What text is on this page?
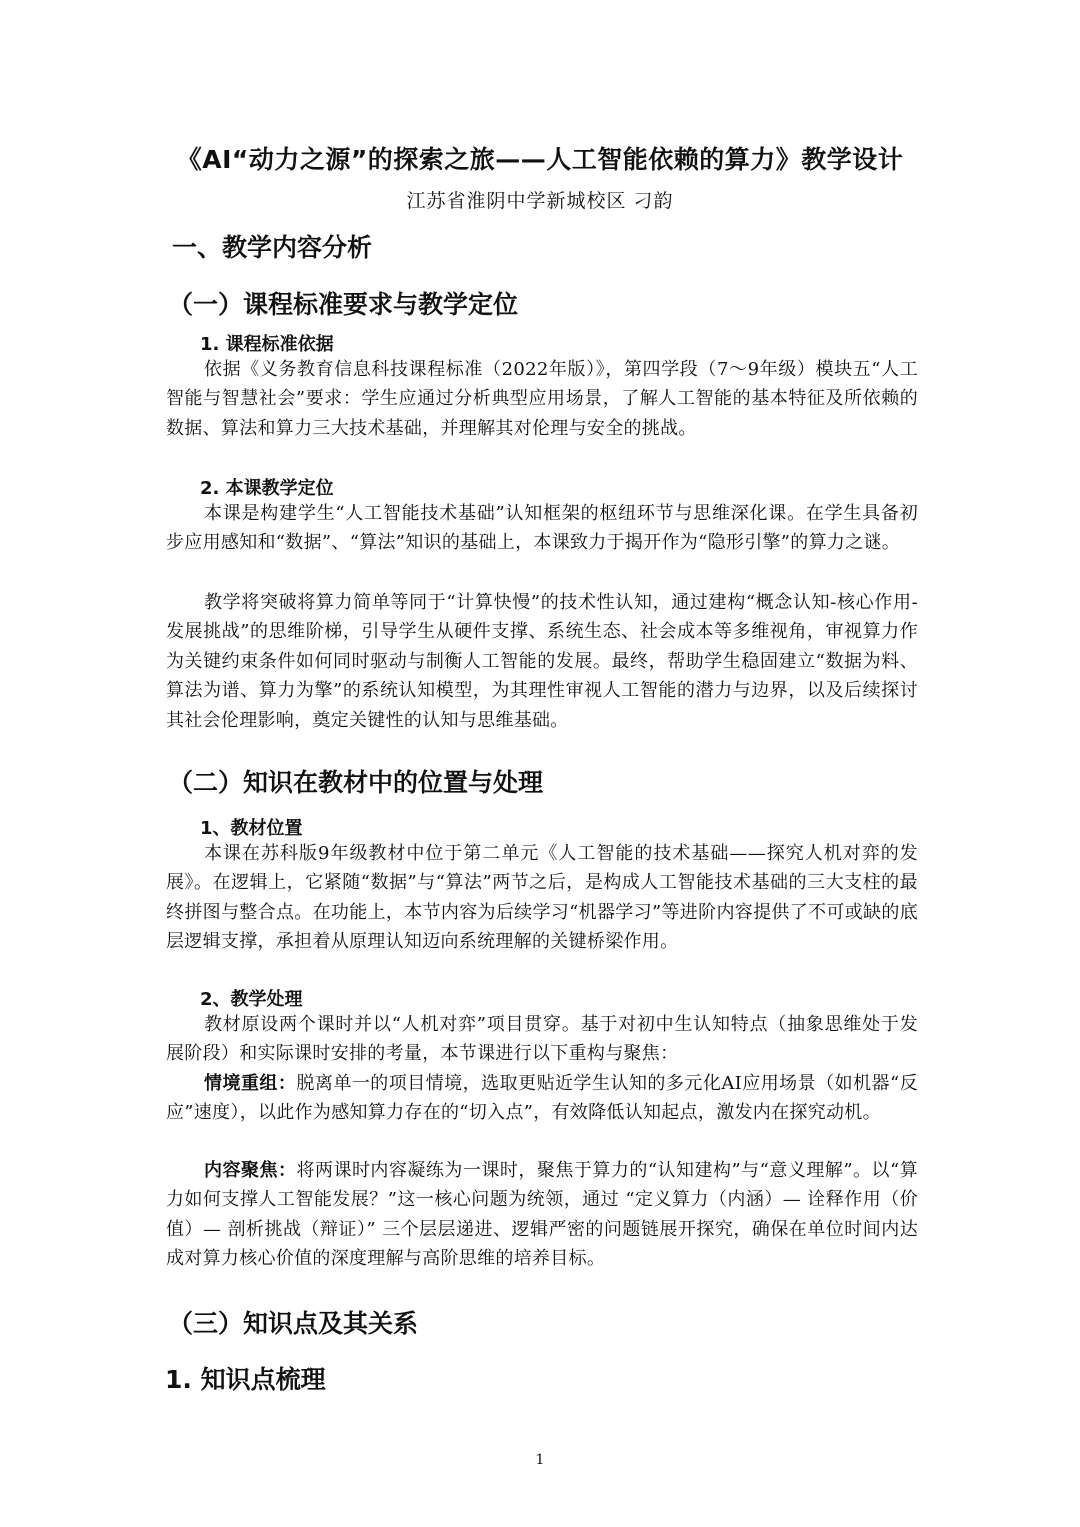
《AI“动力之源”的探索之旅——人工智能依赖的算力》教学设计
江苏省淮阴中学新城校区 刁韵
一、教学内容分析
（一）课程标准要求与教学定位
1. 课程标准依据
依据《义务教育信息科技课程标准（2022年版）》，第四学段（7～9年级）模块五“人工智能与智慧社会”要求：学生应通过分析典型应用场景，了解人工智能的基本特征及所依赖的数据、算法和算力三大技术基础，并理解其对伦理与安全的挑战。
2. 本课教学定位
本课是构建学生“人工智能技术基础”认知框架的枢纽环节与思维深化课。在学生具备初步应用感知和“数据”、“算法”知识的基础上，本课致力于揭开作为“隐形引擎”的算力之谜。
教学将突破将算力简单等同于“计算快慢”的技术性认知，通过建构“概念认知-核心作用-发展挑战”的思维阶梯，引导学生从硬件支撑、系统生态、社会成本等多维视角，审视算力作为关键约束条件如何同时驱动与制衡人工智能的发展。最终，帮助学生稳固建立“数据为料、算法为谱、算力为擎”的系统认知模型，为其理性审视人工智能的潜力与边界，以及后续探讨其社会伦理影响，奠定关键性的认知与思维基础。
（二）知识在教材中的位置与处理
1、教材位置
本课在苏科版9年级教材中位于第二单元《人工智能的技术基础——探究人机对弈的发展》。在逻辑上，它紧随“数据”与“算法”两节之后，是构成人工智能技术基础的三大支柱的最终拼图与整合点。在功能上，本节内容为后续学习“机器学习”等进阶内容提供了不可或缺的底层逻辑支撑，承担着从原理认知迈向系统理解的关键桥梁作用。
2、教学处理
教材原设两个课时并以“人机对弈”项目贯穿。基于对初中生认知特点（抽象思维处于发展阶段）和实际课时安排的考量，本节课进行以下重构与聚焦：
情境重组：脱离单一的项目情境，选取更贴近学生认知的多元化AI应用场景（如机器“反应”速度），以此作为感知算力存在的“切入点”，有效降低认知起点，激发内在探究动机。
内容聚焦：将两课时内容凝练为一课时，聚焦于算力的“认知建构”与“意义理解”。以“算力如何支撑人工智能发展？”这一核心问题为统领，通过 “定义算力（内涵）— 诠释作用（价值）— 剖析挑战（辩证）” 三个层层递进、逻辑严密的问题链展开探究，确保在单位时间内达成对算力核心价值的深度理解与高阶思维的培养目标。
（三）知识点及其关系
1. 知识点梳理
1
